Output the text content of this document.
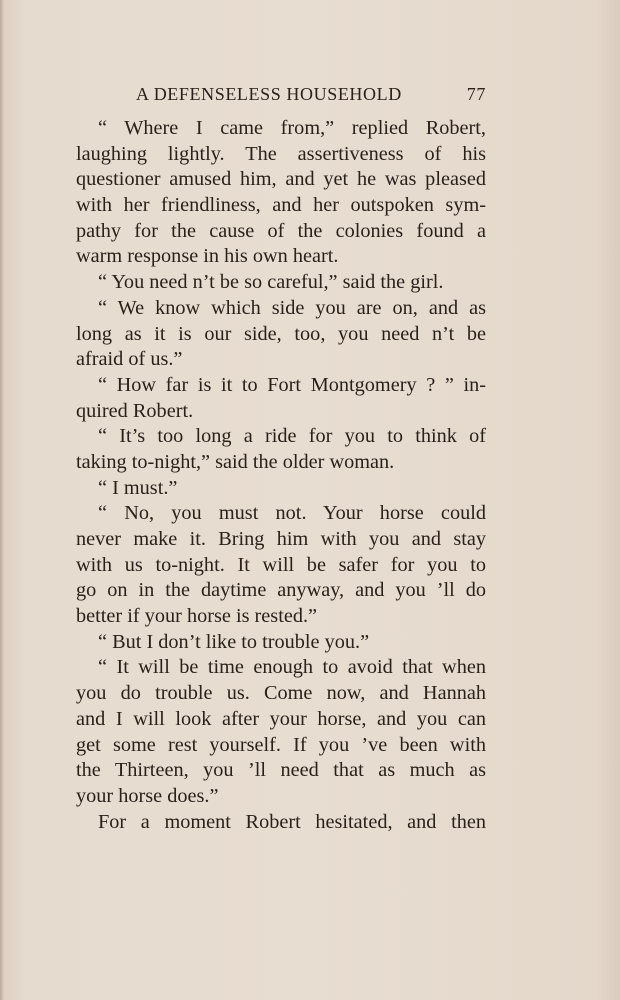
A DEFENSELESS HOUSEHOLD	77
“ Where I came from,” replied Robert,
laughing lightly. The assertiveness of his
questioner amused him, and yet he was pleased
with her friendliness, and her outspoken sym-
pathy for the cause of the colonies found a
warm response in his own heart.
“ You need n’t be so careful,” said the girl.
“ We know which side you are on, and as
long as it is our side, too, you need n’t be
afraid of us.”
“ How far is it to Fort Montgomery ? ” in-
quired Robert.
“ It’s too long a ride for you to think of
taking to-night,” said the older woman.
“ I must.”
“ No, you must not. Your horse could
never make it. Bring him with you and stay
with us to-night. It will be safer for you to
go on in the daytime anyway, and you ’ll do
better if your horse is rested.”
“ But I don’t like to trouble you.”
“ It will be time enough to avoid that when
you do trouble us. Come now, and Hannah
and I will look after your horse, and you can
get some rest yourself. If you ’ve been with
the Thirteen, you ’ll need that as much as
your horse does.”
For a moment Robert hesitated, and then
